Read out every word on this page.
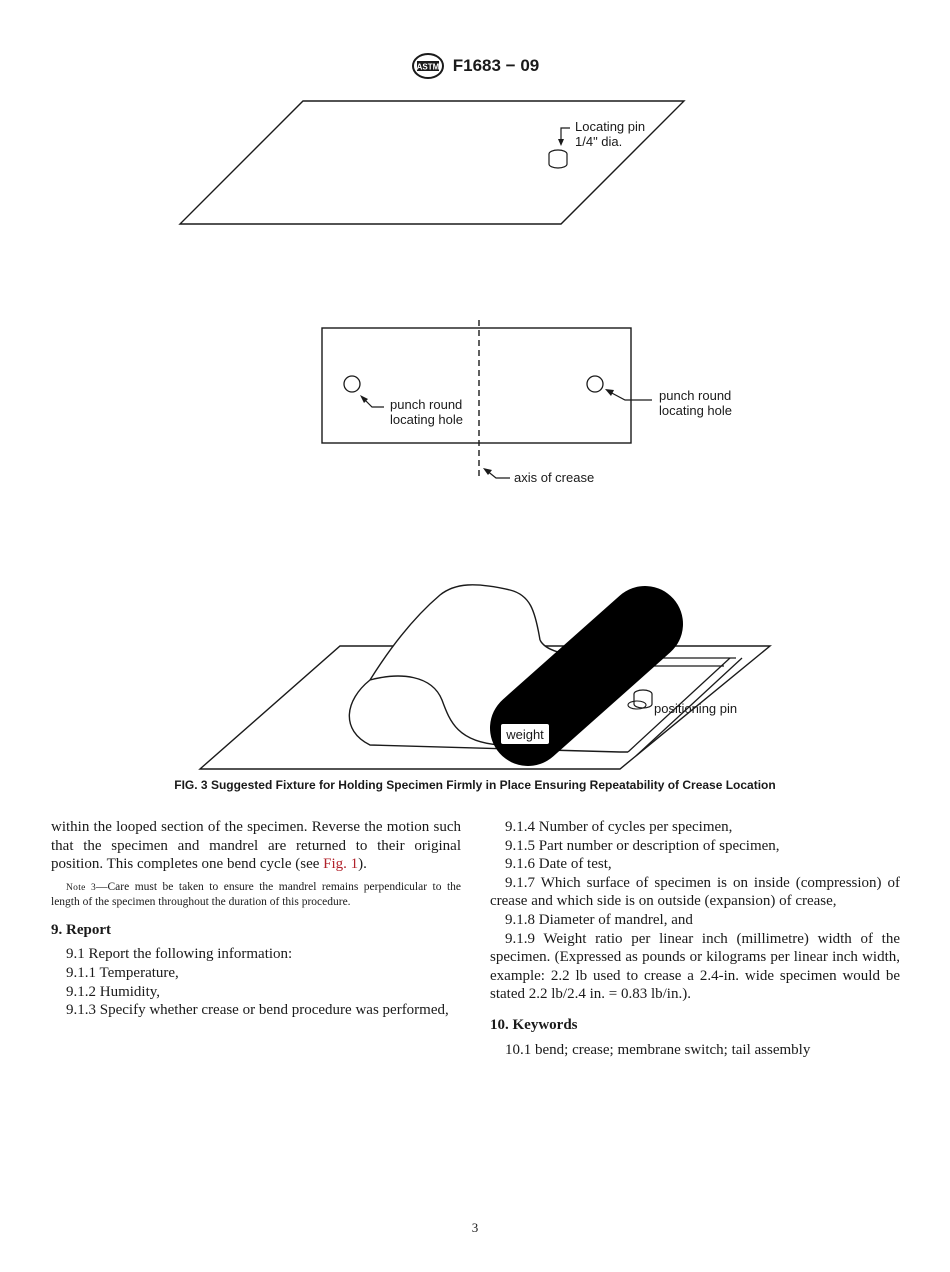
ASTM F1683 − 09
Locating pin
1/4" dia.
punch round
locating hole
punch round
locating hole
axis of crease
weight
positioning pin
FIG. 3 Suggested Fixture for Holding Specimen Firmly in Place Ensuring Repeatability of Crease Location

within the looped section of the specimen. Reverse the motion such that the specimen and mandrel are returned to their original position. This completes one bend cycle (see Fig. 1).

Note 3—Care must be taken to ensure the mandrel remains perpendicular to the length of the specimen throughout the duration of this procedure.

9. Report

9.1 Report the following information:

9.1.1 Temperature,

9.1.2 Humidity,

9.1.3 Specify whether crease or bend procedure was performed,

9.1.4 Number of cycles per specimen,

9.1.5 Part number or description of specimen,

9.1.6 Date of test,

9.1.7 Which surface of specimen is on inside (compression) of crease and which side is on outside (expansion) of crease,

9.1.8 Diameter of mandrel, and

9.1.9 Weight ratio per linear inch (millimetre) width of the specimen. (Expressed as pounds or kilograms per linear inch width, example: 2.2 lb used to crease a 2.4-in. wide specimen would be stated 2.2 lb/2.4 in. = 0.83 lb/in.).

10. Keywords

10.1 bend; crease; membrane switch; tail assembly

3
